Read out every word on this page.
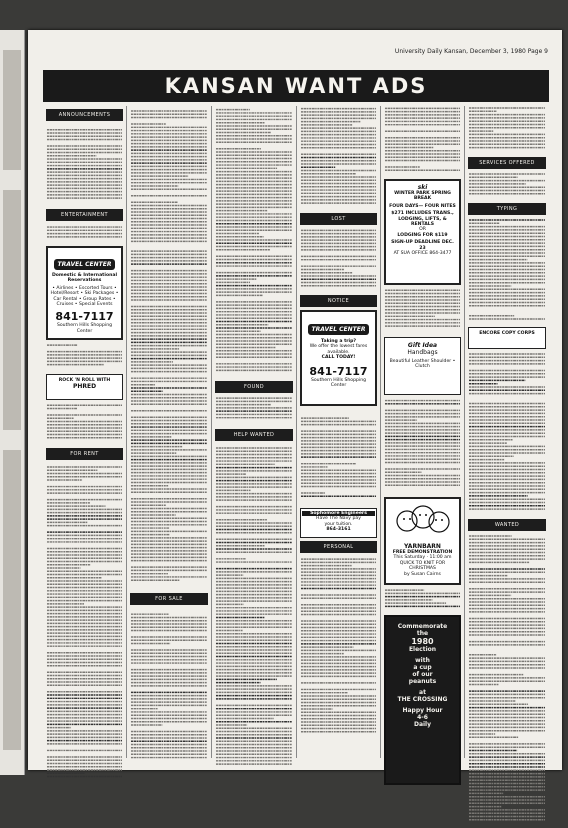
University Daily Kansan, December 3, 1980 Page 9
KANSAN WANT ADS
ANNOUNCEMENTS
ENTERTAINMENT
TRAVEL CENTER
Domestic & International
Reservations
• Airlines • Escorted Tours • Hotel/Resort • Ski Packages • Car Rental • Group Rates • Cruises • Special Events
841-7117
Southern Hills Shopping Center
ROCK 'N ROLL WITH
PHRED
FOR RENT
FOR SALE
FOUND
HELP WANTED
LOST
NOTICE
TRAVEL CENTER
Taking a trip?
We offer the lowest fares available.
CALL TODAY!
841-7117
Southern Hills Shopping Center
Sophomore Engineers
Have The Navy pay
your tuition.
864-3161
PERSONAL
ski
WINTER PARK SPRING BREAK
FOUR DAYS— FOUR NITES
$271 INCLUDES TRANS., LODGING, LIFTS, & RENTALS
OR
LODGING FOR $119
SIGN-UP DEADLINE DEC. 23
AT SUA OFFICE 864-3477
Gift Idea
Handbags
Beautiful Leather Shoulder • Clutch
YARNBARN
FREE DEMONSTRATION
This Saturday · 11:00 am
QUICK TO KNIT FOR CHRISTMAS
by Susan Cairns
Commemorate
the
1980
Election
with
a cup
of our
peanuts
at
THE CROSSING
Happy Hour
4-6
Daily
SERVICES OFFERED
TYPING
ENCORE COPY CORPS
WANTED
